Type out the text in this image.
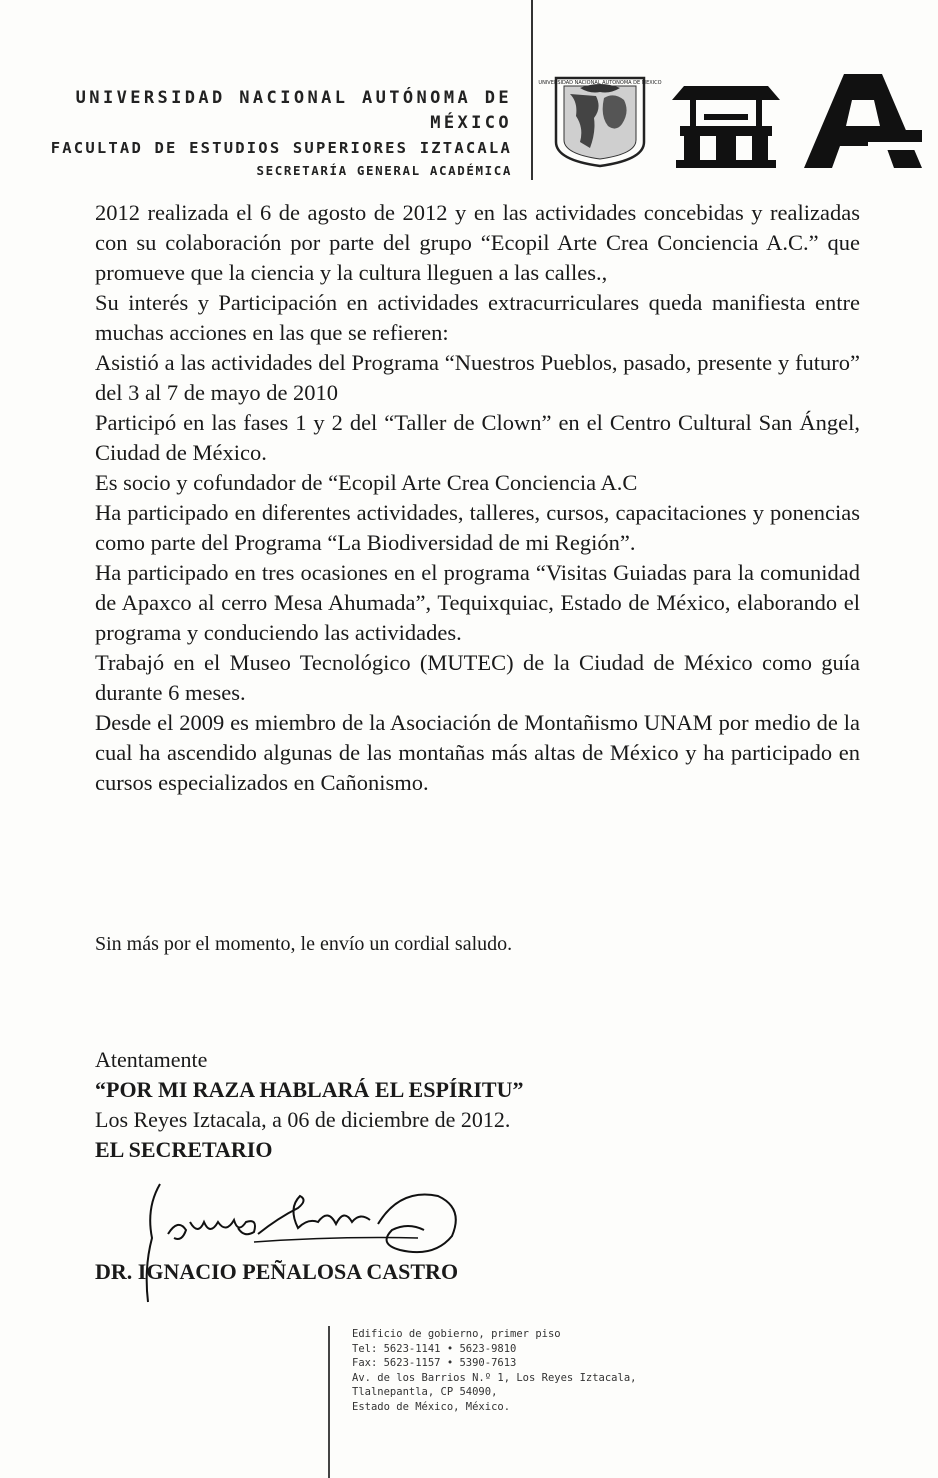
UNIVERSIDAD NACIONAL AUTÓNOMA DE MÉXICO
FACULTAD DE ESTUDIOS SUPERIORES IZTACALA
SECRETARÍA GENERAL ACADÉMICA
UNIVERSIDAD NACIONAL AUTONOMA DE MEXICO

2012 realizada el 6 de agosto de 2012 y en las actividades concebidas y realizadas con su colaboración por parte del grupo “Ecopil Arte Crea Conciencia A.C.” que promueve que la ciencia y la cultura lleguen a las calles.,

Su interés y Participación en actividades extracurriculares queda manifiesta entre muchas acciones en las que se refieren:

Asistió a las actividades del Programa “Nuestros Pueblos, pasado, presente y futuro” del 3 al 7 de mayo de 2010

Participó en las fases 1 y 2 del “Taller de Clown” en el Centro Cultural San Ángel, Ciudad de México.

Es socio y cofundador de “Ecopil Arte Crea Conciencia A.C

Ha participado en diferentes actividades, talleres, cursos, capacitaciones y ponencias como parte del Programa “La Biodiversidad de mi Región”.

Ha participado en tres ocasiones en el programa “Visitas Guiadas para la comunidad de Apaxco al cerro Mesa Ahumada”, Tequixquiac, Estado de México, elaborando el programa y conduciendo las actividades.

Trabajó en el Museo Tecnológico (MUTEC) de la Ciudad de México como guía durante 6 meses.

Desde el 2009 es miembro de la Asociación de Montañismo UNAM por medio de la cual ha ascendido algunas de las montañas más altas de México y ha participado en cursos especializados en Cañonismo.

Sin más por el momento, le envío un cordial saludo.
Atentamente
“POR MI RAZA HABLARÁ EL ESPÍRITU”
Los Reyes Iztacala, a 06 de diciembre de 2012.
EL SECRETARIO
DR. IGNACIO PEÑALOSA CASTRO
Edificio de gobierno, primer piso
Tel: 5623-1141 • 5623-9810
Fax: 5623-1157 • 5390-7613
Av. de los Barrios N.º 1, Los Reyes Iztacala,
Tlalnepantla, CP 54090,
Estado de México, México.
